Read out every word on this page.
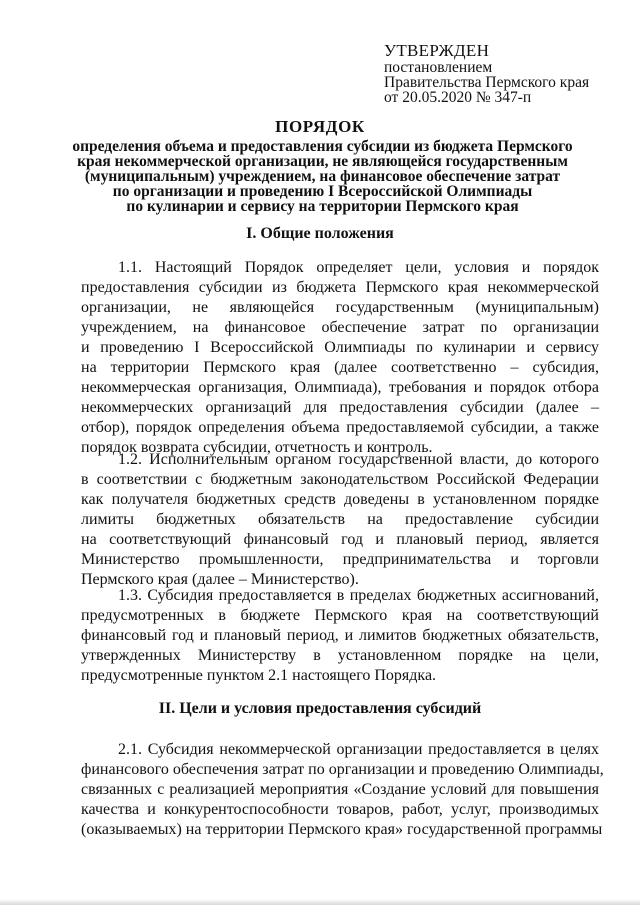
УТВЕРЖДЕН
постановлением
Правительства Пермского края
от 20.05.2020 № 347-п
ПОРЯДОК
определения объема и предоставления субсидии из бюджета Пермского
края некоммерческой организации, не являющейся государственным
(муниципальным) учреждением, на финансовое обеспечение затрат
по организации и проведению I Всероссийской Олимпиады
по кулинарии и сервису на территории Пермского края
I. Общие положения
1.1. Настоящий Порядок определяет цели, условия и порядок
предоставления субсидии из бюджета Пермского края некоммерческой
организации, не являющейся государственным (муниципальным)
учреждением, на финансовое обеспечение затрат по организации
и проведению I Всероссийской Олимпиады по кулинарии и сервису
на территории Пермского края (далее соответственно – субсидия,
некоммерческая организация, Олимпиада), требования и порядок отбора
некоммерческих организаций для предоставления субсидии (далее –
отбор), порядок определения объема предоставляемой субсидии, а также
порядок возврата субсидии, отчетность и контроль.
1.2. Исполнительным органом государственной власти, до которого
в соответствии с бюджетным законодательством Российской Федерации
как получателя бюджетных средств доведены в установленном порядке
лимиты бюджетных обязательств на предоставление субсидии
на соответствующий финансовый год и плановый период, является
Министерство промышленности, предпринимательства и торговли
Пермского края (далее – Министерство).
1.3. Субсидия предоставляется в пределах бюджетных ассигнований,
предусмотренных в бюджете Пермского края на соответствующий
финансовый год и плановый период, и лимитов бюджетных обязательств,
утвержденных Министерству в установленном порядке на цели,
предусмотренные пунктом 2.1 настоящего Порядка.
II. Цели и условия предоставления субсидий
2.1. Субсидия некоммерческой организации предоставляется в целях
финансового обеспечения затрат по организации и проведению Олимпиады,
связанных с реализацией мероприятия «Создание условий для повышения
качества и конкурентоспособности товаров, работ, услуг, производимых
(оказываемых) на территории Пермского края» государственной программы
